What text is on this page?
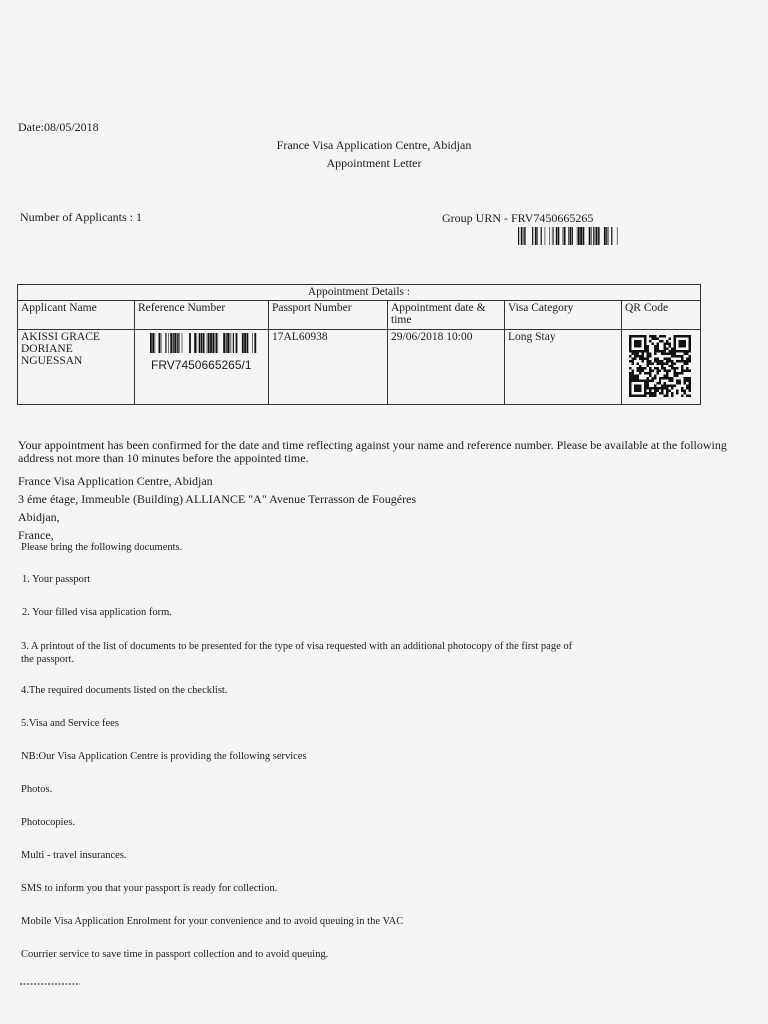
Date:08/05/2018
France Visa Application Centre, Abidjan
Appointment Letter
Number of Applicants : 1	Group URN - FRV7450665265
Appointment Details :					
Applicant Name	Reference Number	Passport Number	Appointment date & time	Visa Category	QR Code
AKISSI GRACE DORIANE NGUESSAN	FRV7450665265/1	17AL60938	29/06/2018 10:00	Long Stay	
Your appointment has been confirmed for the date and time reflecting against your name and reference number. Please be available at the following address not more than 10 minutes before the appointed time.
France Visa Application Centre, Abidjan
3 éme étage, Immeuble (Building) ALLIANCE "A" Avenue Terrasson de Fougéres
Abidjan,
France,
Please bring the following documents.
1. Your passport
2. Your filled visa application form.
3. A printout of the list of documents to be presented for the type of visa requested with an additional photocopy of the first page of the passport.
4.The required documents listed on the checklist.
5.Visa and Service fees
NB:Our Visa Application Centre is providing the following services
Photos.
Photocopies.
Multi - travel insurances.
SMS to inform you that your passport is ready for collection.
Mobile Visa Application Enrolment for your convenience and to avoid queuing in the VAC
Courrier service to save time in passport collection and to avoid queuing.
